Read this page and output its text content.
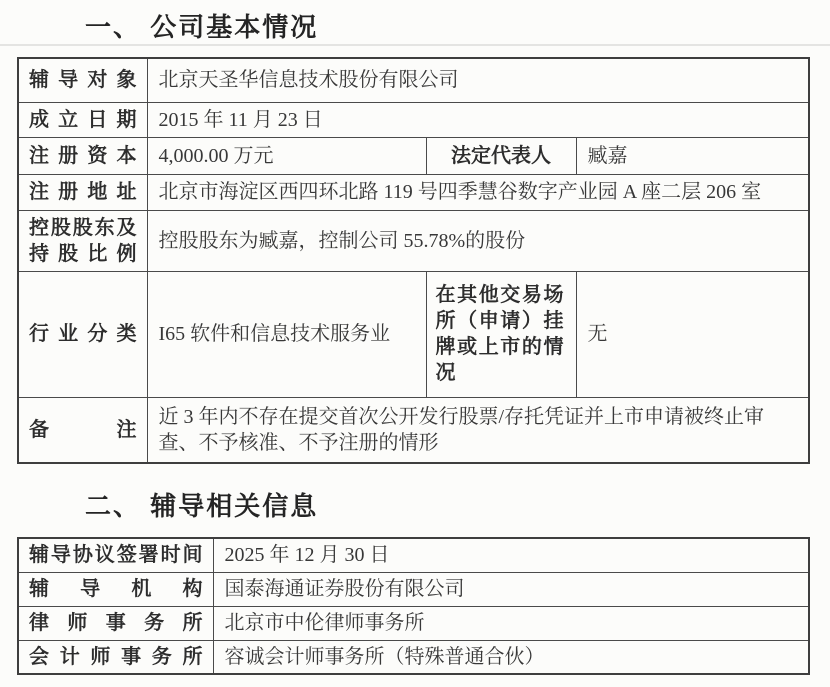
一、 公司基本情况
辅导对象	北京天圣华信息技术股份有限公司		
成立日期	2015 年 11 月 23 日		
注册资本	4,000.00 万元	法定代表人	臧嘉
注册地址	北京市海淀区西四环北路 119 号四季慧谷数字产业园 A 座二层 206 室		
控股股东及持股比例	控股股东为臧嘉，控制公司 55.78%的股份		
行业分类	I65 软件和信息技术服务业	在其他交易场所（申请）挂牌或上市的情况	无
备注	近 3 年内不存在提交首次公开发行股票/存托凭证并上市申请被终止审查、不予核准、不予注册的情形		
二、 辅导相关信息
辅导协议签署时间	2025 年 12 月 30 日
辅导机构	国泰海通证券股份有限公司
律师事务所	北京市中伦律师事务所
会计师事务所	容诚会计师事务所（特殊普通合伙）
